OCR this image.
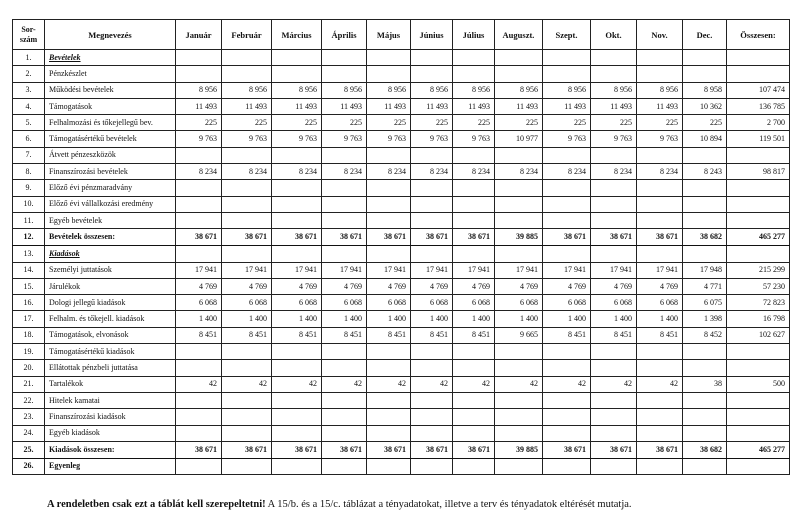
Sor- szám	Megnevezés	Január	Február	Március	Április	Május	Június	Július	Auguszt.	Szept.	Okt.	Nov.	Dec.	Összesen:
1.	Bevételek													
2.	Pénzkészlet													
3.	Működési bevételek	8 956	8 956	8 956	8 956	8 956	8 956	8 956	8 956	8 956	8 956	8 956	8 958	107 474
4.	Támogatások	11 493	11 493	11 493	11 493	11 493	11 493	11 493	11 493	11 493	11 493	11 493	10 362	136 785
5.	Felhalmozási és tőkejellegű bev.	225	225	225	225	225	225	225	225	225	225	225	225	2 700
6.	Támogatásértékű bevételek	9 763	9 763	9 763	9 763	9 763	9 763	9 763	10 977	9 763	9 763	9 763	10 894	119 501
7.	Átvett pénzeszközök													
8.	Finanszírozási bevételek	8 234	8 234	8 234	8 234	8 234	8 234	8 234	8 234	8 234	8 234	8 234	8 243	98 817
9.	Előző évi pénzmaradvány													
10.	Előző évi vállalkozási eredmény													
11.	Egyéb bevételek													
12.	Bevételek összesen:	38 671	38 671	38 671	38 671	38 671	38 671	38 671	39 885	38 671	38 671	38 671	38 682	465 277
13.	Kiadások													
14.	Személyi juttatások	17 941	17 941	17 941	17 941	17 941	17 941	17 941	17 941	17 941	17 941	17 941	17 948	215 299
15.	Járulékok	4 769	4 769	4 769	4 769	4 769	4 769	4 769	4 769	4 769	4 769	4 769	4 771	57 230
16.	Dologi jellegű kiadások	6 068	6 068	6 068	6 068	6 068	6 068	6 068	6 068	6 068	6 068	6 068	6 075	72 823
17.	Felhalm. és tőkejell. kiadások	1 400	1 400	1 400	1 400	1 400	1 400	1 400	1 400	1 400	1 400	1 400	1 398	16 798
18.	Támogatások, elvonások	8 451	8 451	8 451	8 451	8 451	8 451	8 451	9 665	8 451	8 451	8 451	8 452	102 627
19.	Támogatásértékű kiadások													
20.	Ellátottak pénzbeli juttatása													
21.	Tartalékok	42	42	42	42	42	42	42	42	42	42	42	38	500
22.	Hitelek kamatai													
23.	Finanszírozási kiadások													
24.	Egyéb kiadások													
25.	Kiadások összesen:	38 671	38 671	38 671	38 671	38 671	38 671	38 671	39 885	38 671	38 671	38 671	38 682	465 277
26.	Egyenleg													

A rendeletben csak ezt a táblát kell szerepeltetni! A 15/b. és a 15/c. táblázat a tényadatokat, illetve a terv és tényadatok eltérését mutatja.
